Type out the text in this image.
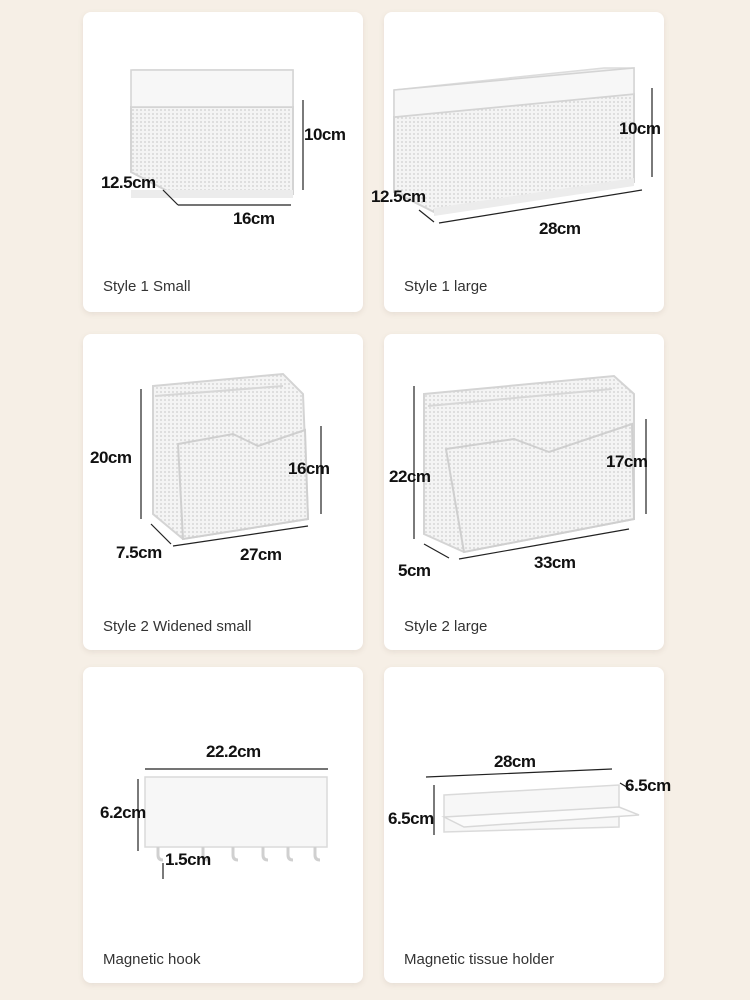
10cm
12.5cm
16cm
Style 1 Small
10cm
12.5cm
28cm
Style 1 large
20cm
16cm
7.5cm	27cm
Style 2 Widened small
22cm
17cm
5cm	33cm
Style 2 large
22.2cm
6.2cm
1.5cm
Magnetic hook
28cm
6.5cm
6.5cm
Magnetic tissue holder
